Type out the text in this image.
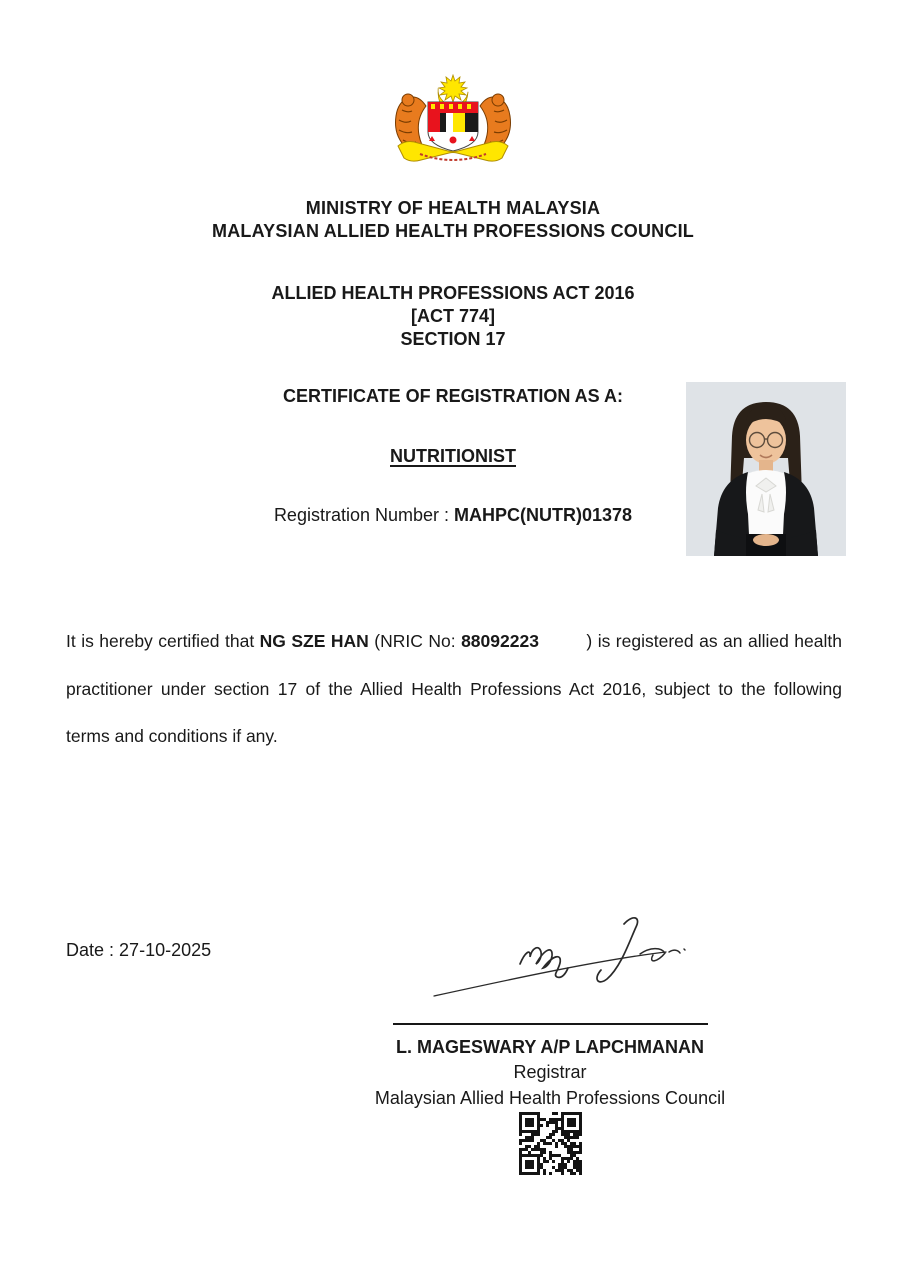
MINISTRY OF HEALTH MALAYSIA
MALAYSIAN ALLIED HEALTH PROFESSIONS COUNCIL
ALLIED HEALTH PROFESSIONS ACT 2016
[ACT 774]
SECTION 17
CERTIFICATE OF REGISTRATION AS A:
NUTRITIONIST
Registration Number : MAHPC(NUTR)01378

It is hereby certified that NG SZE HAN (NRIC No: 88092223	) is registered as an allied health practitioner under section 17 of the Allied Health Professions Act 2016, subject to the following terms and conditions if any.

Date : 27-10-2025
L. MAGESWARY A/P LAPCHMANAN
Registrar
Malaysian Allied Health Professions Council
